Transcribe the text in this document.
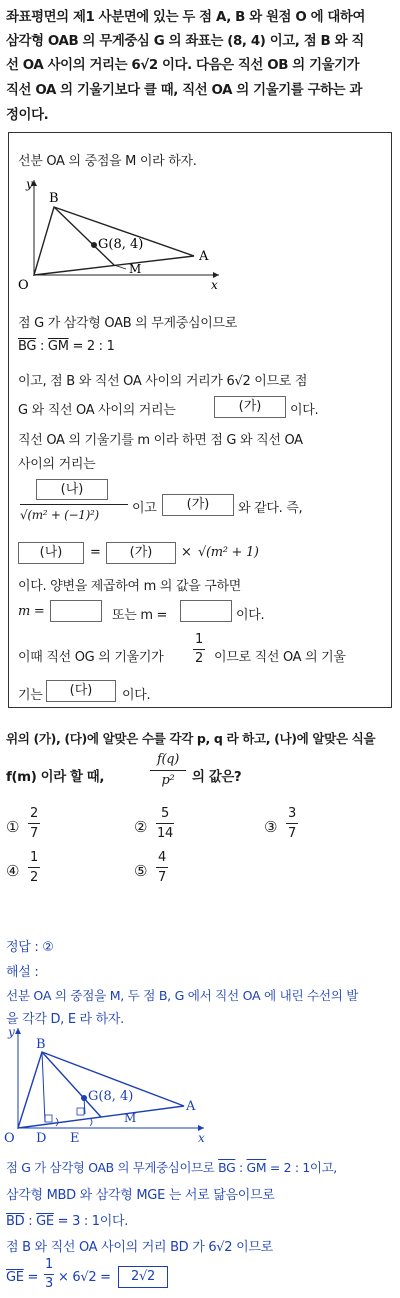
좌표평면의 제1 사분면에 있는 두 점 A, B 와 원점 O 에 대하여
삼각형 OAB 의 무게중심 G 의 좌표는 (8, 4) 이고, 점 B 와 직
선 OA 사이의 거리는 6√2 이다. 다음은 직선 OB 의 기울기가
직선 OA 의 기울기보다 클 때, 직선 OA 의 기울기를 구하는 과
정이다.
선분 OA 의 중점을 M 이라 하자.
y
x
O
B
A
G(8, 4)
M
점 G 가 삼각형 OAB 의 무게중심이므로
$\overline{BG}$ : $\overline{GM} = 2$ : 1
이고, 점 B 와 직선 OA 사이의 거리가 6√2 이므로 점
G 와 직선 OA 사이의 거리는	(가)	이다.
직선 OA 의 기울기를 m 이라 하면 점 G 와 직선 OA
사이의 거리는
(나)
√(m² + (−1)²)	이고	(가)	와 같다. 즉,
(나)	=	(가)	× √(m² + 1)
이다. 양변을 제곱하여 m 의 값을 구하면
m =	또는 m =	이다.
이때 직선 OG 의 기울기가
1
2 이므로 직선 OA 의 기울
기는	(다)	이다.
위의 (가), (다)에 알맞은 수를 각각 p, q 라 하고, (나)에 알맞은 식을
f(m) 이라 할 때,
f(q)
p²	의 값은?
①
2
7	②
5
14	③
3
7
④
1
2	⑤
4
7
정답 : ②
해설 :
선분 OA 의 중점을 M, 두 점 B, G 에서 직선 OA 에 내린 수선의 발
을 각각 D, E 라 하자.
y
x
O
B
A
G(8, 4)
M
D E
점 G 가 삼각형 OAB 의 무게중심이므로 $\overline{BG}$ : $\overline{GM} = 2$ : 1이고,
삼각형 MBD 와 삼각형 MGE 는 서로 닮음이므로
$\overline{BD}$ : $\overline{GE} = 3$ : 1이다.
점 B 와 직선 OA 사이의 거리 BD 가 6√2 이므로
$\overline{GE}$ =
1
3 × 6√2 =	2√2
